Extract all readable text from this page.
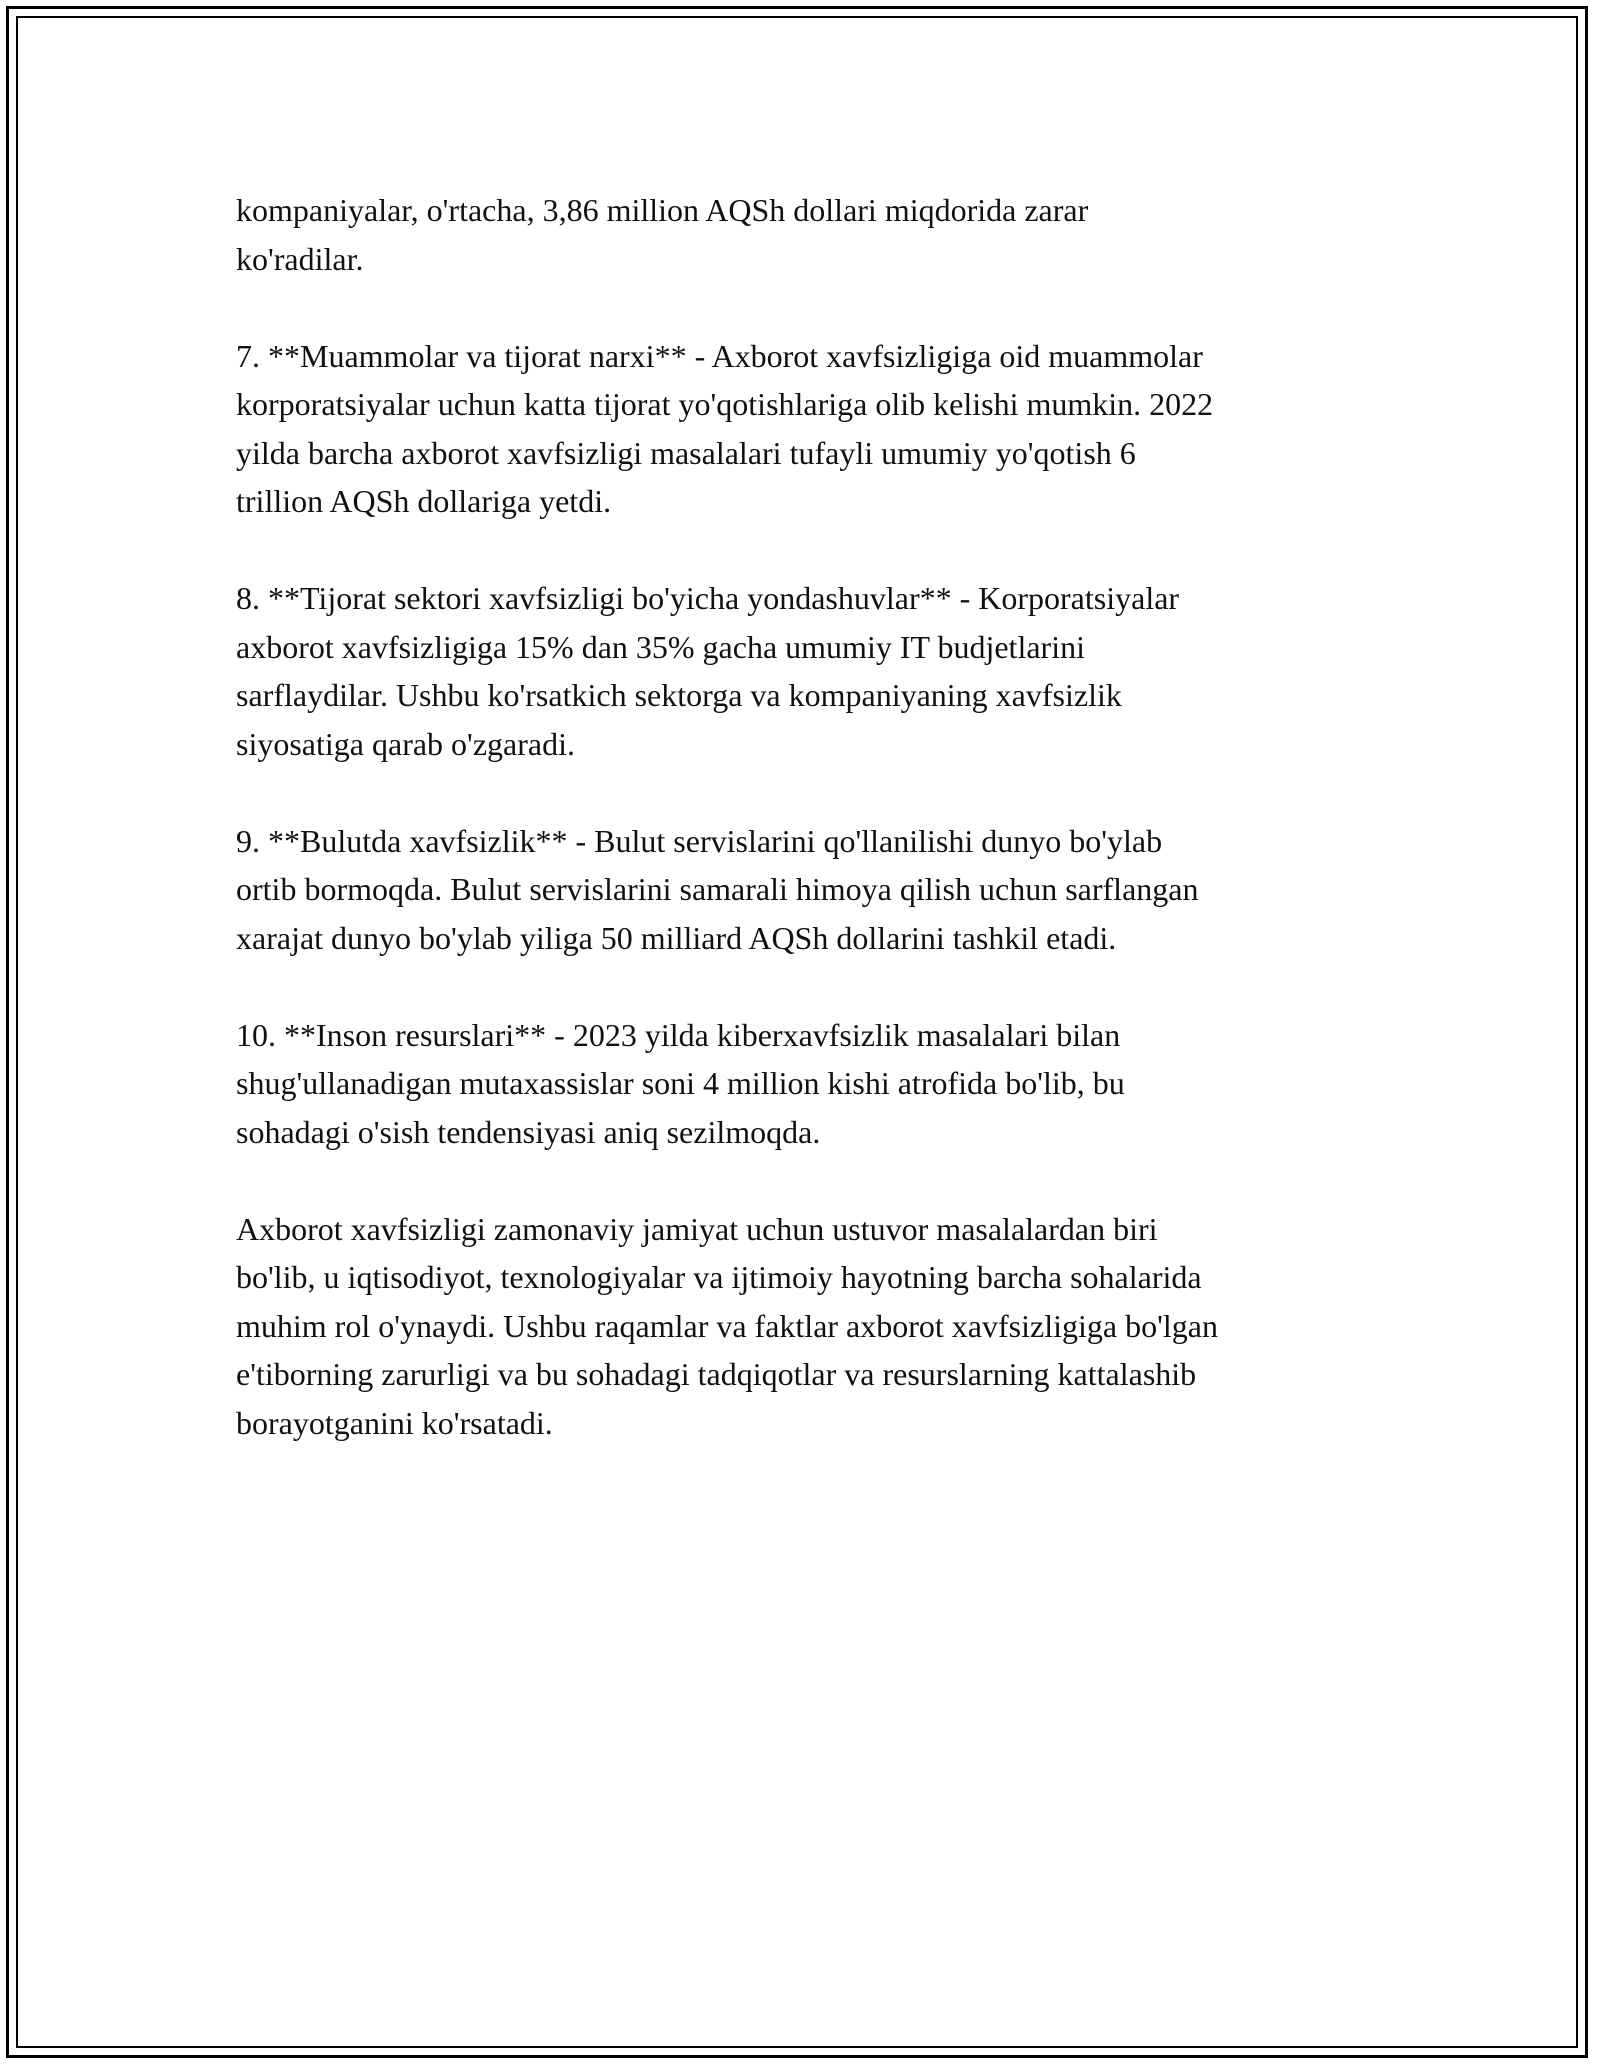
kompaniyalar, o'rtacha, 3,86 million AQSh dollari miqdorida zarar
ko'radilar.

7. **Muammolar va tijorat narxi** - Axborot xavfsizligiga oid muammolar
korporatsiyalar uchun katta tijorat yo'qotishlariga olib kelishi mumkin. 2022
yilda barcha axborot xavfsizligi masalalari tufayli umumiy yo'qotish 6
trillion AQSh dollariga yetdi.

8. **Tijorat sektori xavfsizligi bo'yicha yondashuvlar** - Korporatsiyalar
axborot xavfsizligiga 15% dan 35% gacha umumiy IT budjetlarini
sarflaydilar. Ushbu ko'rsatkich sektorga va kompaniyaning xavfsizlik
siyosatiga qarab o'zgaradi.

9. **Bulutda xavfsizlik** - Bulut servislarini qo'llanilishi dunyo bo'ylab
ortib bormoqda. Bulut servislarini samarali himoya qilish uchun sarflangan
xarajat dunyo bo'ylab yiliga 50 milliard AQSh dollarini tashkil etadi.

10. **Inson resurslari** - 2023 yilda kiberxavfsizlik masalalari bilan
shug'ullanadigan mutaxassislar soni 4 million kishi atrofida bo'lib, bu
sohadagi o'sish tendensiyasi aniq sezilmoqda.

Axborot xavfsizligi zamonaviy jamiyat uchun ustuvor masalalardan biri
bo'lib, u iqtisodiyot, texnologiyalar va ijtimoiy hayotning barcha sohalarida
muhim rol o'ynaydi. Ushbu raqamlar va faktlar axborot xavfsizligiga bo'lgan
e'tiborning zarurligi va bu sohadagi tadqiqotlar va resurslarning kattalashib
borayotganini ko'rsatadi.
